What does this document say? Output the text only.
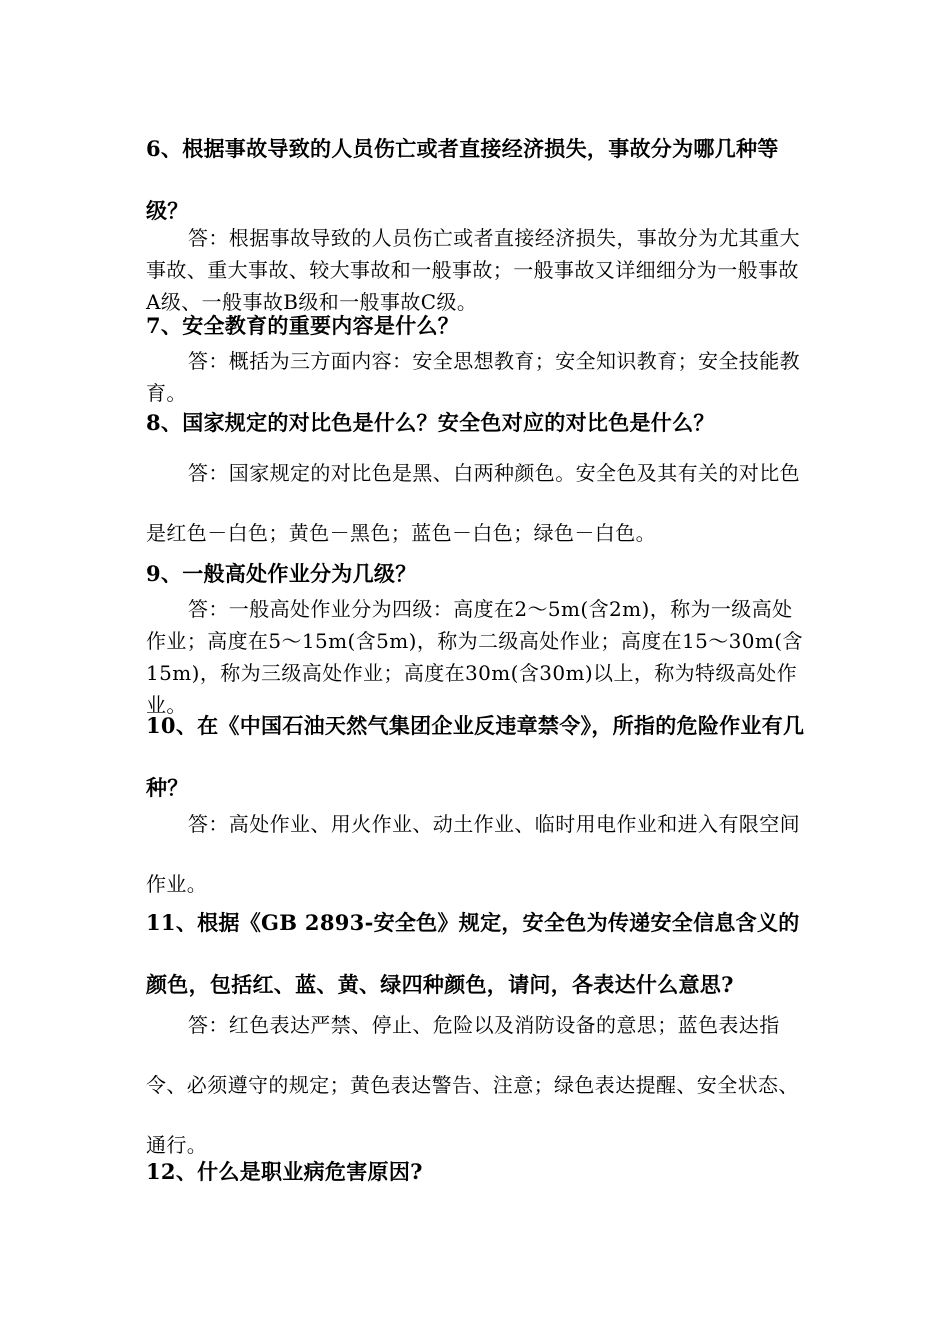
6、根据事故导致的人员伤亡或者直接经济损失，事故分为哪几种等级？

答：根据事故导致的人员伤亡或者直接经济损失，事故分为尤其重大事故、重大事故、较大事故和一般事故；一般事故又详细细分为一般事故A级、一般事故B级和一般事故C级。

7、安全教育的重要内容是什么？

答：概括为三方面内容：安全思想教育；安全知识教育；安全技能教育。

8、国家规定的对比色是什么？安全色对应的对比色是什么？

答：国家规定的对比色是黑、白两种颜色。安全色及其有关的对比色是红色－白色；黄色－黑色；蓝色－白色；绿色－白色。

9、一般高处作业分为几级？

答：一般高处作业分为四级：高度在2～5m(含2m)，称为一级高处作业；高度在5～15m(含5m)，称为二级高处作业；高度在15～30m(含15m)，称为三级高处作业；高度在30m(含30m)以上，称为特级高处作业。

10、在《中国石油天然气集团企业反违章禁令》，所指的危险作业有几种？

答：高处作业、用火作业、动土作业、临时用电作业和进入有限空间作业。

11、根据《GB 2893-安全色》规定，安全色为传递安全信息含义的颜色，包括红、蓝、黄、绿四种颜色，请问，各表达什么意思?

答：红色表达严禁、停止、危险以及消防设备的意思；蓝色表达指令、必须遵守的规定；黄色表达警告、注意；绿色表达提醒、安全状态、通行。

12、什么是职业病危害原因?
